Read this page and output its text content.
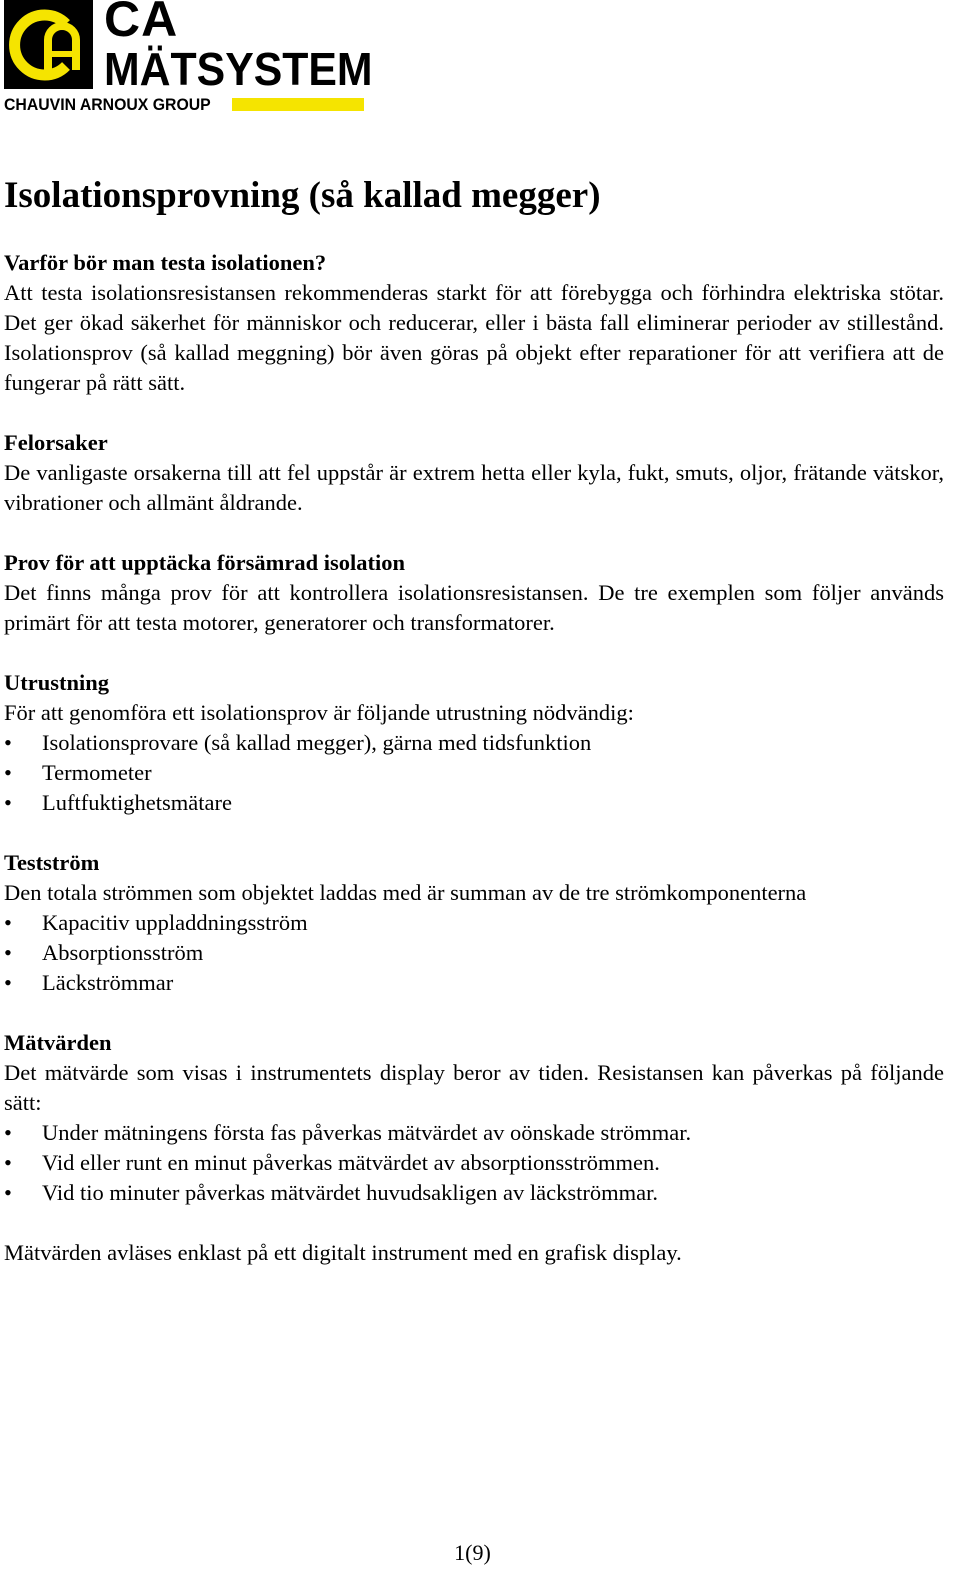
CA
MÄTSYSTEM
CHAUVIN ARNOUX GROUP
Isolationsprovning (så kallad megger)
Varför bör man testa isolationen?
Att testa isolationsresistansen rekommenderas starkt för att förebygga och förhindra elektriska stötar. Det ger ökad säkerhet för människor och reducerar, eller i bästa fall eliminerar perioder av stillestånd. Isolationsprov (så kallad meggning) bör även göras på objekt efter reparationer för att verifiera att de fungerar på rätt sätt.
Felorsaker
De vanligaste orsakerna till att fel uppstår är extrem hetta eller kyla, fukt, smuts, oljor, frätande vätskor, vibrationer och allmänt åldrande.
Prov för att upptäcka försämrad isolation
Det finns många prov för att kontrollera isolationsresistansen. De tre exemplen som följer används primärt för att testa motorer, generatorer och transformatorer.
Utrustning
För att genomföra ett isolationsprov är följande utrustning nödvändig:
• Isolationsprovare (så kallad megger), gärna med tidsfunktion
• Termometer
• Luftfuktighetsmätare
Testström
Den totala strömmen som objektet laddas med är summan av de tre strömkomponenterna
• Kapacitiv uppladdningsström
• Absorptionsström
• Läckströmmar
Mätvärden
Det mätvärde som visas i instrumentets display beror av tiden. Resistansen kan påverkas på följande sätt:
• Under mätningens första fas påverkas mätvärdet av oönskade strömmar.
• Vid eller runt en minut påverkas mätvärdet av absorptionsströmmen.
• Vid tio minuter påverkas mätvärdet huvudsakligen av läckströmmar.
Mätvärden avläses enklast på ett digitalt instrument med en grafisk display.
1(9)
